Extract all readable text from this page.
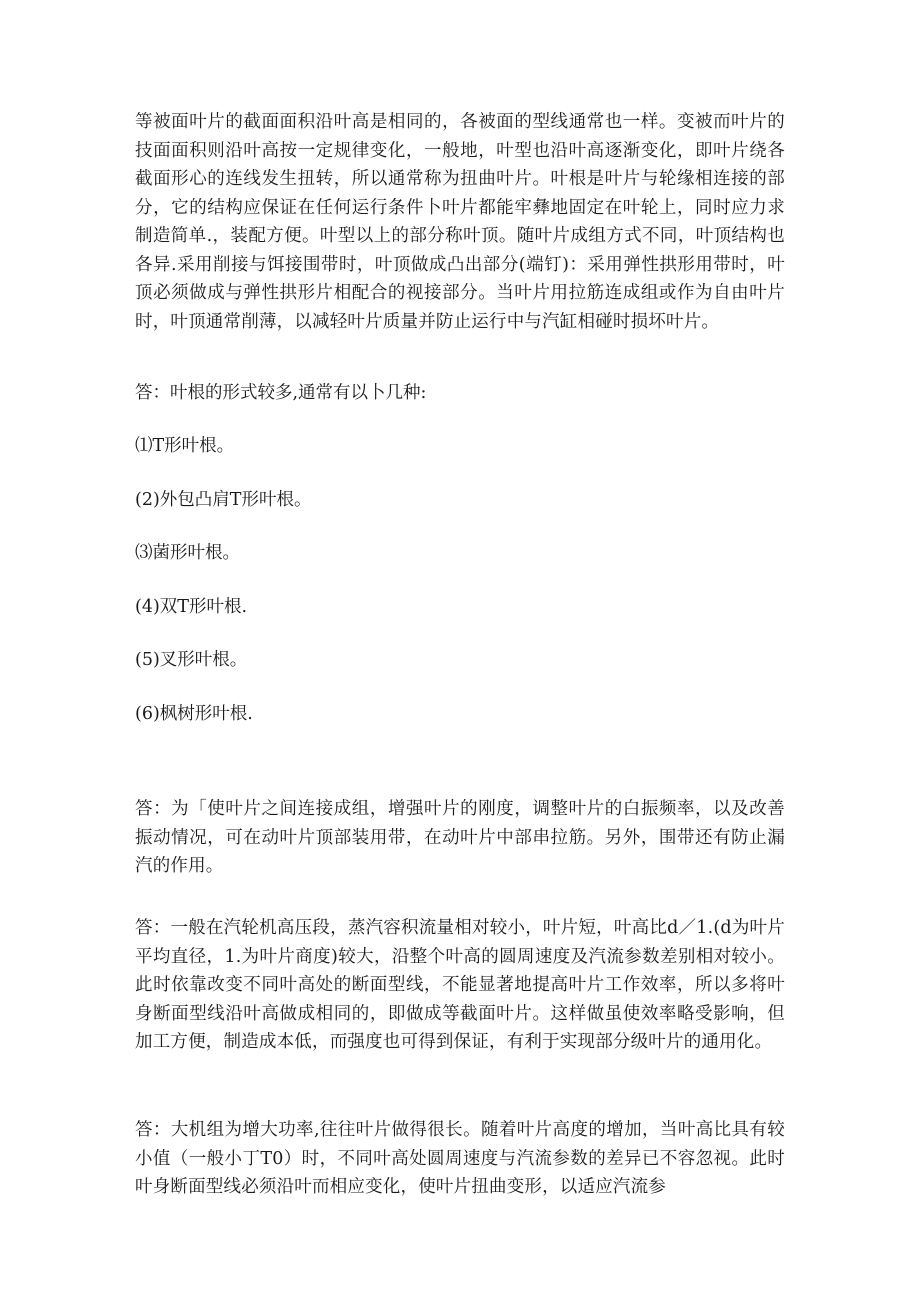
等被面叶片的截面面积沿叶高是相同的，各被面的型线通常也一样。变被而叶片的技面面积则沿叶高按一定规律变化，一般地，叶型也沿叶高逐渐变化，即叶片绕各截面形心的连线发生扭转，所以通常称为扭曲叶片。叶根是叶片与轮缘相连接的部分，它的结构应保证在任何运行条件卜叶片都能牢彝地固定在叶轮上，同时应力求制造简单.，装配方便。叶型以上的部分称叶顶。随叶片成组方式不同，叶顶结构也各异.采用削接与饵接围带时，叶顶做成凸出部分(端钉)：采用弹性拱形用带时，叶顶必须做成与弹性拱形片相配合的视接部分。当叶片用拉筋连成组或作为自由叶片时，叶顶通常削薄，以减轻叶片质量并防止运行中与汽缸相碰时损坏叶片。

答：叶根的形式较多,通常有以卜几种:

⑴T形叶根。

(2)外包凸肩T形叶根。

⑶菌形叶根。

(4)双T形叶根.

(5)叉形叶根。

(6)枫树形叶根.

答：为「使叶片之间连接成组，增强叶片的刚度，调整叶片的白振频率，以及改善振动情况，可在动叶片顶部装用带，在动叶片中部串拉筋。另外，围带还有防止漏汽的作用。

答：一般在汽轮机高压段，蒸汽容积流量相对较小，叶片短，叶高比d／1.(d为叶片平均直径，1.为叶片商度)较大，沿整个叶高的圆周速度及汽流参数差别相对较小。此时依靠改变不同叶高处的断面型线，不能显著地提高叶片工作效率，所以多将叶身断面型线沿叶高做成相同的，即做成等截面叶片。这样做虽使效率略受影响，但加工方便，制造成本低，而强度也可得到保证，有利于实现部分级叶片的通用化。

答：大机组为增大功率,往往叶片做得很长。随着叶片高度的增加，当叶高比具有较小值（一般小丁T0）时，不同叶高处圆周速度与汽流参数的差异已不容忽视。此时叶身断面型线必须沿叶而相应变化，使叶片扭曲变形，以适应汽流参
